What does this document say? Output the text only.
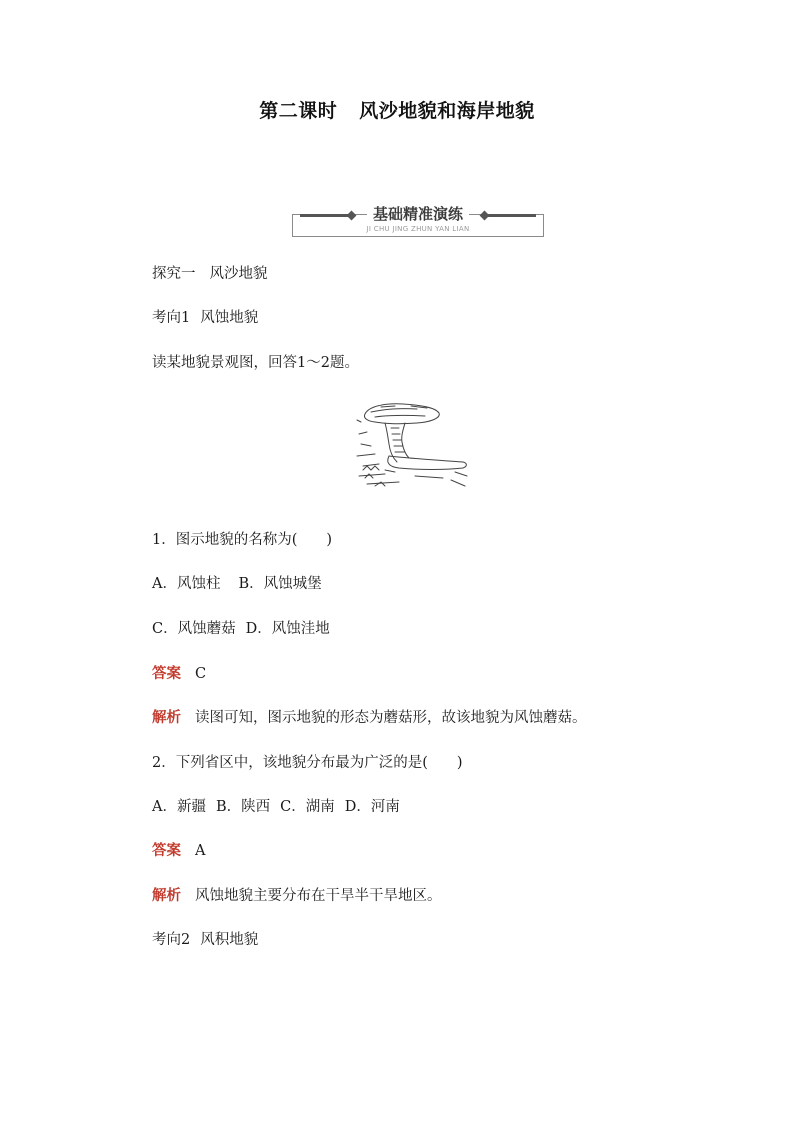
第二课时 风沙地貌和海岸地貌
基础精准演练
JI CHU JING ZHUN YAN LIAN
探究一 风沙地貌
考向1 风蚀地貌
读某地貌景观图，回答1～2题。
1．图示地貌的名称为(　　)
A．风蚀柱 B．风蚀城堡
C．风蚀蘑菇 D．风蚀洼地
答案 C
解析 读图可知，图示地貌的形态为蘑菇形，故该地貌为风蚀蘑菇。
2．下列省区中，该地貌分布最为广泛的是(　　)
A．新疆 B．陕西 C．湖南 D．河南
答案 A
解析 风蚀地貌主要分布在干旱半干旱地区。
考向2 风积地貌
